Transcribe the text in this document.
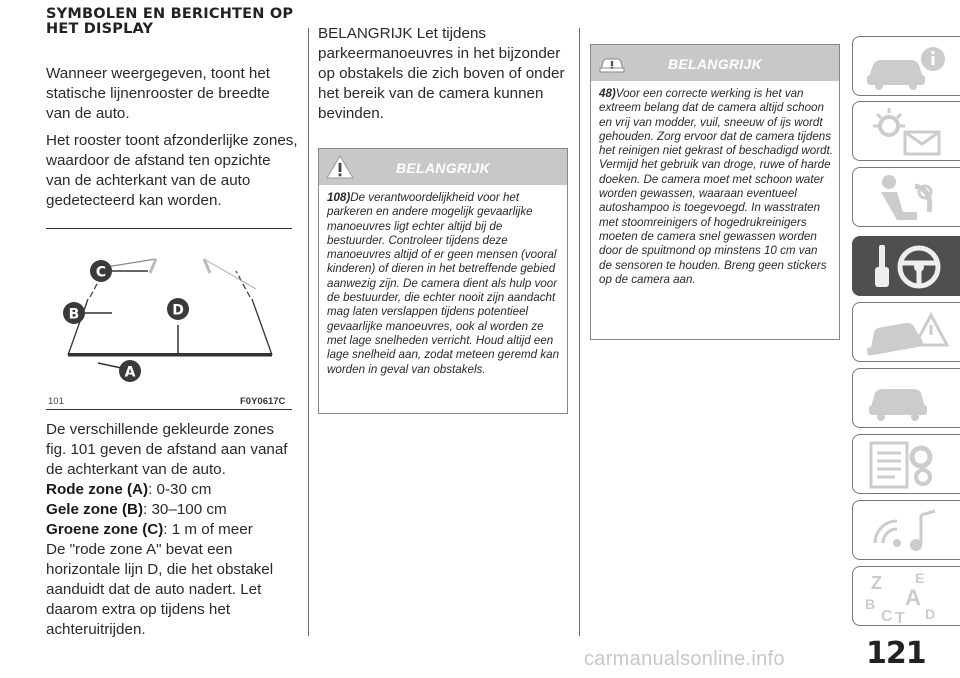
SYMBOLEN EN BERICHTEN OP HET DISPLAY
Wanneer weergegeven, toont het statische lijnenrooster de breedte van de auto.
Het rooster toont afzonderlijke zones, waardoor de afstand ten opzichte van de achterkant van de auto gedetecteerd kan worden.
C
B	D
A
101	F0Y0617C
De verschillende gekleurde zones fig. 101 geven de afstand aan vanaf de achterkant van de auto.
Rode zone (A): 0-30 cm
Gele zone (B): 30–100 cm
Groene zone (C): 1 m of meer
De "rode zone A" bevat een horizontale lijn D, die het obstakel aanduidt dat de auto nadert. Let daarom extra op tijdens het achteruitrijden.
BELANGRIJK Let tijdens parkeermanoeuvres in het bijzonder op obstakels die zich boven of onder het bereik van de camera kunnen bevinden.
BELANGRIJK
108)De verantwoordelijkheid voor het parkeren en andere mogelijk gevaarlijke manoeuvres ligt echter altijd bij de bestuurder. Controleer tijdens deze manoeuvres altijd of er geen mensen (vooral kinderen) of dieren in het betreffende gebied aanwezig zijn. De camera dient als hulp voor de bestuurder, die echter nooit zijn aandacht mag laten verslappen tijdens potentieel gevaarlijke manoeuvres, ook al worden ze met lage snelheden verricht. Houd altijd een lage snelheid aan, zodat meteen geremd kan worden in geval van obstakels.
BELANGRIJK
48)Voor een correcte werking is het van extreem belang dat de camera altijd schoon en vrij van modder, vuil, sneeuw of ijs wordt gehouden. Zorg ervoor dat de camera tijdens het reinigen niet gekrast of beschadigd wordt. Vermijd het gebruik van droge, ruwe of harde doeken. De camera moet met schoon water worden gewassen, waaraan eventueel autoshampoo is toegevoegd. In wasstraten met stoomreinigers of hogedrukreinigers moeten de camera snel gewassen worden door de spuitmond op minstens 10 cm van de sensoren te houden. Breng geen stickers op de camera aan.
Z E
B A
C T D
121
carmanualsonline.info
